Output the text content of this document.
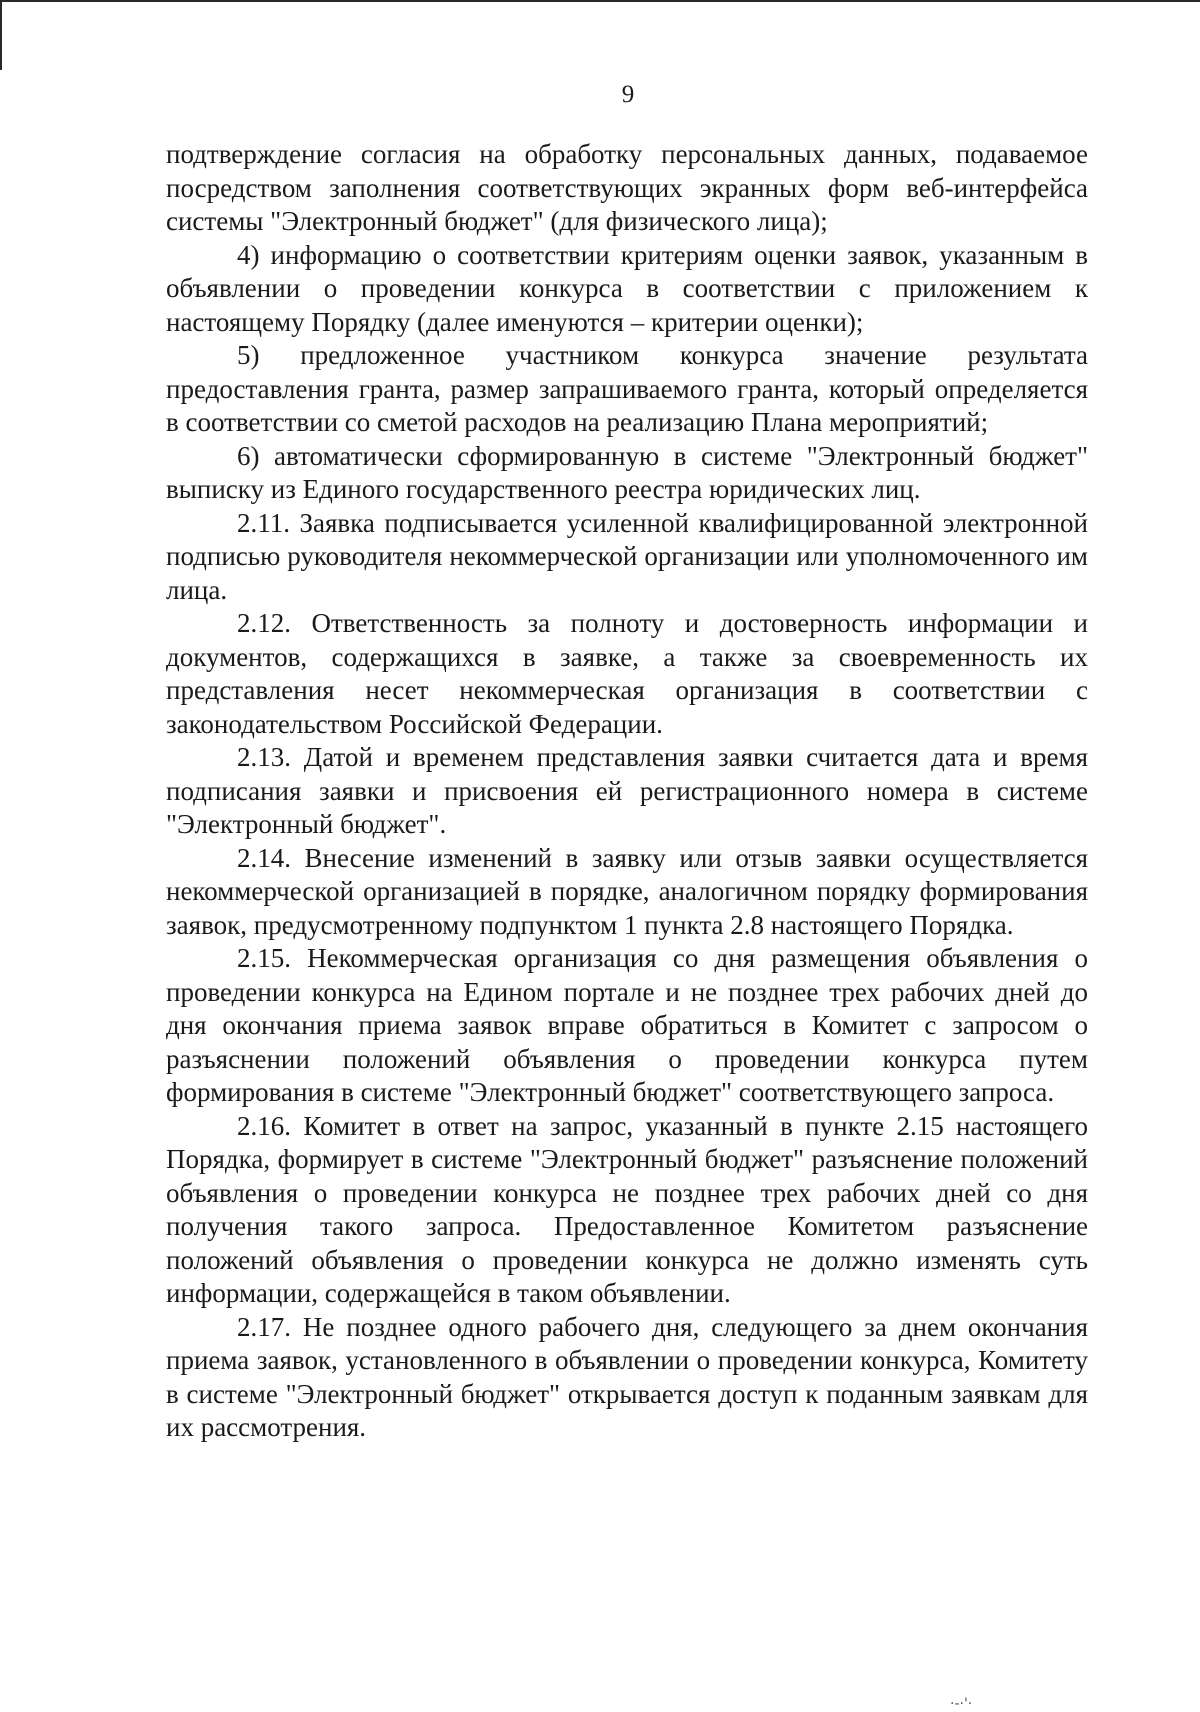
9

подтверждение согласия на обработку персональных данных, подаваемое посредством заполнения соответствующих экранных форм веб-интерфейса системы "Электронный бюджет" (для физического лица);

4) информацию о соответствии критериям оценки заявок, указанным в объявлении о проведении конкурса в соответствии с приложением к настоящему Порядку (далее именуются – критерии оценки);

5) предложенное участником конкурса значение результата предоставления гранта, размер запрашиваемого гранта, который определяется в соответствии со сметой расходов на реализацию Плана мероприятий;

6) автоматически сформированную в системе "Электронный бюджет" выписку из Единого государственного реестра юридических лиц.

2.11. Заявка подписывается усиленной квалифицированной электронной подписью руководителя некоммерческой организации или уполномоченного им лица.

2.12. Ответственность за полноту и достоверность информации и документов, содержащихся в заявке, а также за своевременность их представления несет некоммерческая организация в соответствии с законодательством Российской Федерации.

2.13. Датой и временем представления заявки считается дата и время подписания заявки и присвоения ей регистрационного номера в системе "Электронный бюджет".

2.14. Внесение изменений в заявку или отзыв заявки осуществляется некоммерческой организацией в порядке, аналогичном порядку формирования заявок, предусмотренному подпунктом 1 пункта 2.8 настоящего Порядка.

2.15. Некоммерческая организация со дня размещения объявления о проведении конкурса на Едином портале и не позднее трех рабочих дней до дня окончания приема заявок вправе обратиться в Комитет с запросом о разъяснении положений объявления о проведении конкурса путем формирования в системе "Электронный бюджет" соответствующего запроса.

2.16. Комитет в ответ на запрос, указанный в пункте 2.15 настоящего Порядка, формирует в системе "Электронный бюджет" разъяснение положений объявления о проведении конкурса не позднее трех рабочих дней со дня получения такого запроса. Предоставленное Комитетом разъяснение положений объявления о проведении конкурса не должно изменять суть информации, содержащейся в таком объявлении.

2.17. Не позднее одного рабочего дня, следующего за днем окончания приема заявок, установленного в объявлении о проведении конкурса, Комитету в системе "Электронный бюджет" открывается доступ к поданным заявкам для их рассмотрения.

·-·'·
